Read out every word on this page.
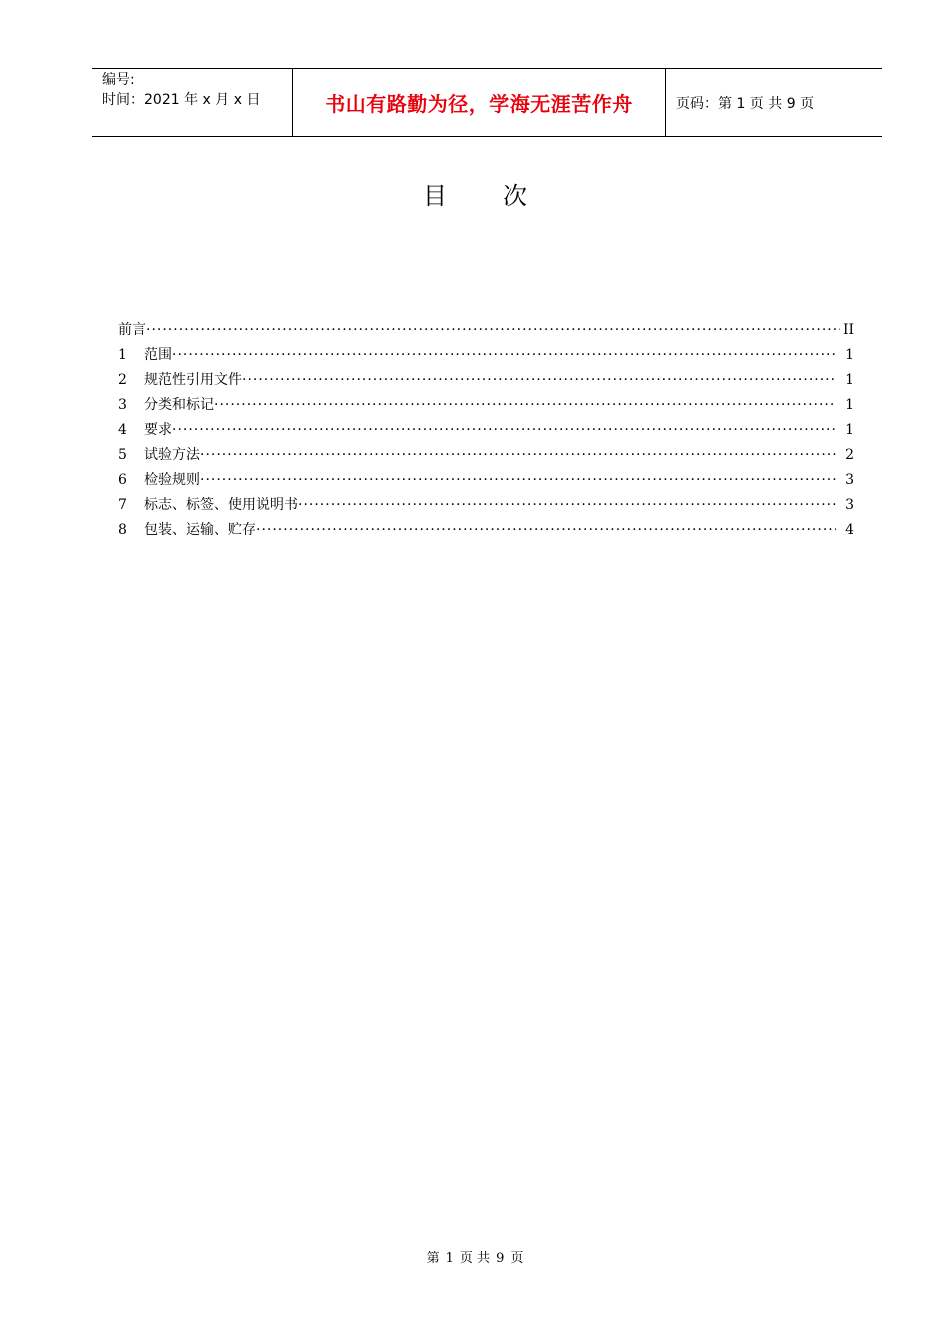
编号:
时间：2021 年 x 月 x 日	书山有路勤为径，学海无涯苦作舟	页码：第 1 页 共 9 页
目次
前言 ·····	II
1	范围 ·····	1
2	规范性引用文件 ·····	1
3	分类和标记 ·····	1
4	要求 ·····	1
5	试验方法 ·····	2
6	检验规则 ·····	3
7	标志、标签、使用说明书 ·····	3
8	包装、运输、贮存 ·····	4
第 1 页 共 9 页
